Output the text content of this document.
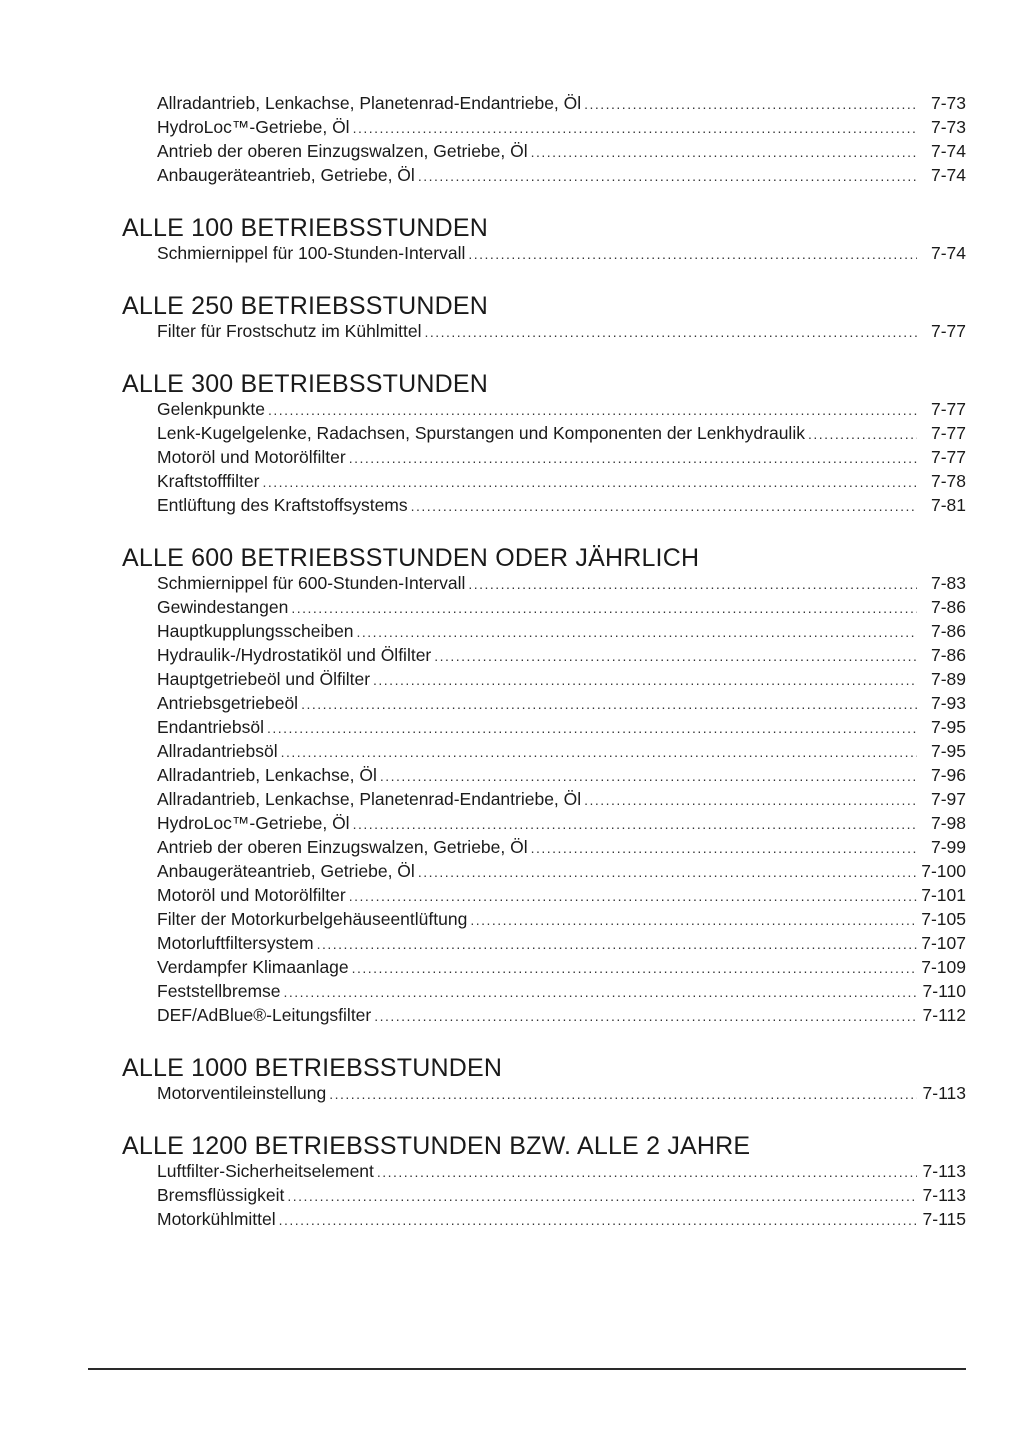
Allradantrieb, Lenkachse, Planetenrad-Endantriebe, Öl . . .	7-73
HydroLoc™-Getriebe, Öl . . .	7-73
Antrieb der oberen Einzugswalzen, Getriebe, Öl . . .	7-74
Anbaugeräteantrieb, Getriebe, Öl . . .	7-74
ALLE 100 BETRIEBSSTUNDEN
Schmiernippel für 100-Stunden-Intervall . . .	7-74
ALLE 250 BETRIEBSSTUNDEN
Filter für Frostschutz im Kühlmittel . . .	7-77
ALLE 300 BETRIEBSSTUNDEN
Gelenkpunkte . . .	7-77
Lenk-Kugelgelenke, Radachsen, Spurstangen und Komponenten der Lenkhydraulik . . .	7-77
Motoröl und Motorölfilter . . .	7-77
Kraftstofffilter . . .	7-78
Entlüftung des Kraftstoffsystems . . .	7-81
ALLE 600 BETRIEBSSTUNDEN ODER JÄHRLICH
Schmiernippel für 600-Stunden-Intervall . . .	7-83
Gewindestangen . . .	7-86
Hauptkupplungsscheiben . . .	7-86
Hydraulik-/Hydrostatiköl und Ölfilter . . .	7-86
Hauptgetriebeöl und Ölfilter . . .	7-89
Antriebsgetriebeöl . . .	7-93
Endantriebsöl . . .	7-95
Allradantriebsöl . . .	7-95
Allradantrieb, Lenkachse, Öl . . .	7-96
Allradantrieb, Lenkachse, Planetenrad-Endantriebe, Öl . . .	7-97
HydroLoc™-Getriebe, Öl . . .	7-98
Antrieb der oberen Einzugswalzen, Getriebe, Öl . . .	7-99
Anbaugeräteantrieb, Getriebe, Öl . . .	7-100
Motoröl und Motorölfilter . . .	7-101
Filter der Motorkurbelgehäuseentlüftung . . .	7-105
Motorluftfiltersystem . . .	7-107
Verdampfer Klimaanlage . . .	7-109
Feststellbremse . . .	7-110
DEF/AdBlue®-Leitungsfilter . . .	7-112
ALLE 1000 BETRIEBSSTUNDEN
Motorventileinstellung . . .	7-113
ALLE 1200 BETRIEBSSTUNDEN BZW. ALLE 2 JAHRE
Luftfilter-Sicherheitselement . . .	7-113
Bremsflüssigkeit . . .	7-113
Motorkühlmittel . . .	7-115
